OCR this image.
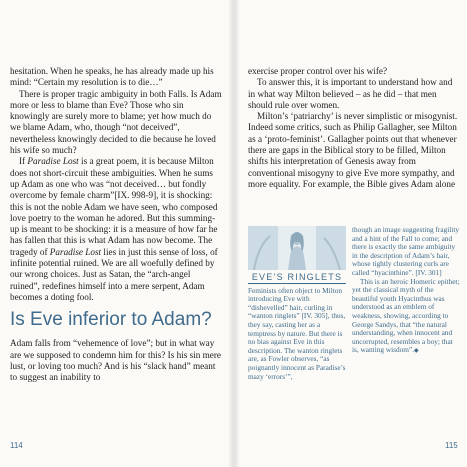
hesitation. When he speaks, he has already made up his mind: “Certain my resolution is to die…”

There is proper tragic ambiguity in both Falls. Is Adam more or less to blame than Eve? Those who sin knowingly are surely more to blame; yet how much do we blame Adam, who, though “not deceived”, nevertheless knowingly decided to die because he loved his wife so much?

If Paradise Lost is a great poem, it is because Milton does not short-circuit these ambiguities. When he sums up Adam as one who was “not deceived… but fondly overcome by female charm”[IX. 998-9], it is shocking: this is not the noble Adam we have seen, who composed love poetry to the woman he adored. But this summing-up is meant to be shocking: it is a measure of how far he has fallen that this is what Adam has now become. The tragedy of Paradise Lost lies in just this sense of loss, of infinite potential ruined. We are all woefully defined by our wrong choices. Just as Satan, the “arch-angel ruined”, redefines himself into a mere serpent, Adam becomes a doting fool.

Is Eve inferior to Adam?

Adam falls from “vehemence of love”; but in what way are we supposed to condemn him for this? Is his sin mere lust, or loving too much? And is his “slack hand” meant to suggest an inability to

114

exercise proper control over his wife?

To answer this, it is important to understand how and in what way Milton believed – as he did – that men should rule over women.

Milton’s ‘patriarchy’ is never simplistic or misogynist. Indeed some critics, such as Philip Gallagher, see Milton as a ‘proto-feminist’. Gallagher points out that whenever there are gaps in the Biblical story to be filled, Milton shifts his interpretation of Genesis away from conventional misogyny to give Eve more sympathy, and more equality. For example, the Bible gives Adam alone

EVE’S RINGLETS

Feminists often object to Milton introducing Eve with “dishevelled” hair, curling in “wanton ringlets” [IV. 305], thus, they say, casting her as a temptress by nature. But there is no bias against Eve in this description. The wanton ringlets are, as Fowler observes, “as poignantly innocent as Paradise’s mazy ‘errors’”,

though an image suggesting fragility and a hint of the Fall to come; and there is exactly the same ambiguity in the description of Adam’s hair, whose tightly clustering curls are called “hyacinthine”. [IV. 301]

This is an heroic Homeric epithet; yet the classical myth of the beautiful youth Hyacinthus was understood as an emblem of weakness, showing, according to George Sandys, that “the natural understanding, when innocent and uncorrupted, resembles a boy; that is, wanting wisdom”.◆

115
